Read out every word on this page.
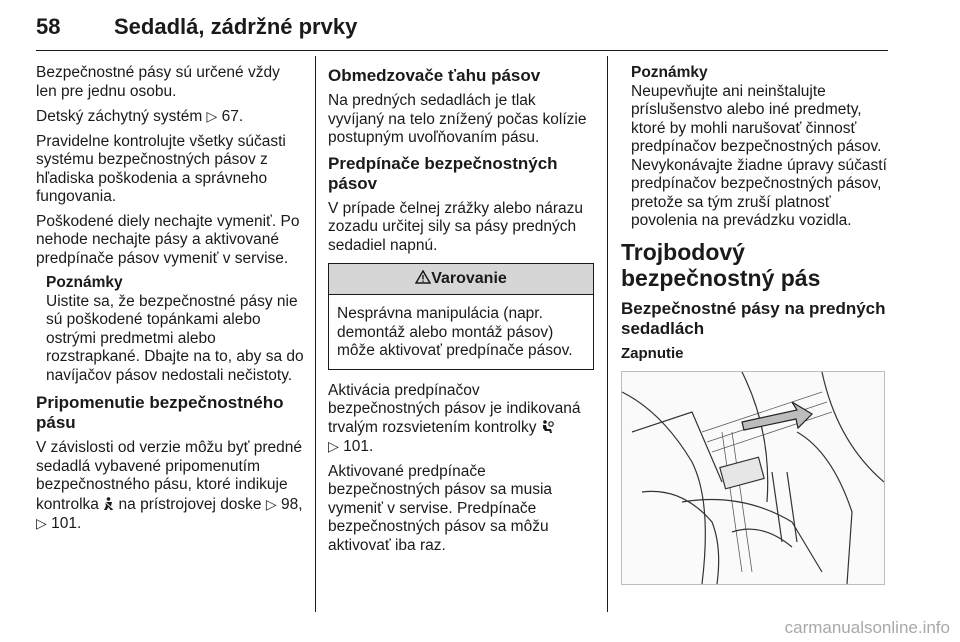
58 Sedadlá, zádržné prvky

Bezpečnostné pásy sú určené vždy len pre jednu osobu.

Detský záchytný systém ▷ 67.

Pravidelne kontrolujte všetky súčasti systému bezpečnostných pásov z hľadiska poškodenia a správneho fungovania.

Poškodené diely nechajte vymeniť. Po nehode nechajte pásy a aktivované predpínače pásov vymeniť v servise.

Poznámky
Uistite sa, že bezpečnostné pásy nie sú poškodené topánkami alebo ostrými predmetmi alebo rozstrapkané. Dbajte na to, aby sa do navíjačov pásov nedostali nečistoty.
Pripomenutie bezpečnostného pásu

V závislosti od verzie môžu byť predné sedadlá vybavené pripomenutím bezpečnostného pásu, ktoré indikuje kontrolka na prístrojovej doske ▷ 98, ▷ 101.

Obmedzovače ťahu pásov

Na predných sedadlách je tlak vyvíjaný na telo znížený počas kolízie postupným uvoľňovaním pásu.

Predpínače bezpečnostných pásov

V prípade čelnej zrážky alebo nárazu zozadu určitej sily sa pásy predných sedadiel napnú.

Varovanie
Nesprávna manipulácia (napr. demontáž alebo montáž pásov) môže aktivovať predpínače pásov.

Aktivácia predpínačov bezpečnostných pásov je indikovaná trvalým rozsvietením kontrolky
▷ 101.

Aktivované predpínače bezpečnostných pásov sa musia vymeniť v servise. Predpínače bezpečnostných pásov sa môžu aktivovať iba raz.

Poznámky
Neupevňujte ani neinštalujte príslušenstvo alebo iné predmety, ktoré by mohli narušovať činnosť predpínačov bezpečnostných pásov. Nevykonávajte žiadne úpravy súčastí predpínačov bezpečnostných pásov, pretože sa tým zruší platnosť povolenia na prevádzku vozidla.
Trojbodový bezpečnostný pás
Bezpečnostné pásy na predných sedadlách
Zapnutie
carmanualsonline.info
